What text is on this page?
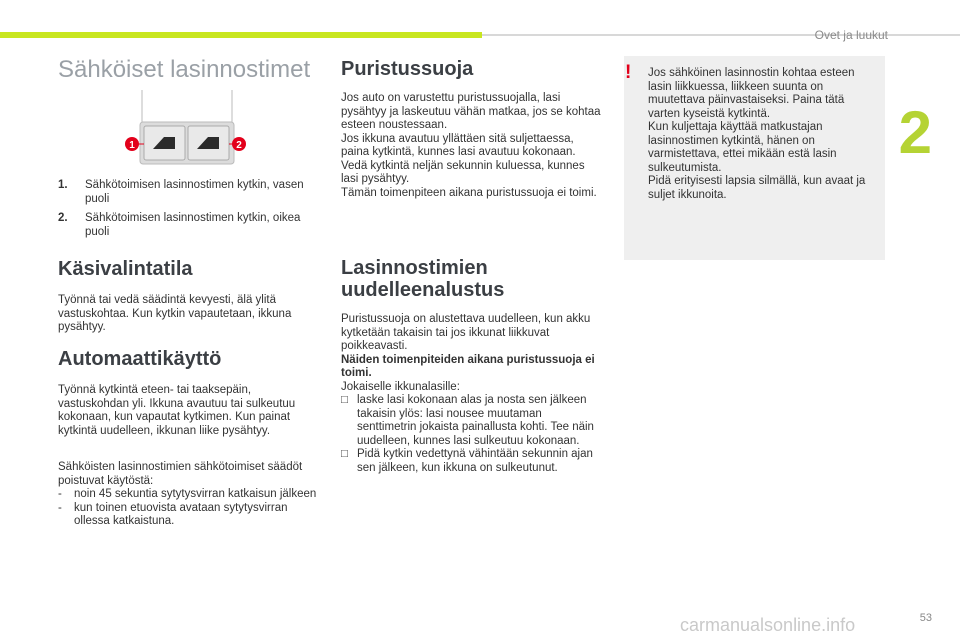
Ovet ja luukut
2
Sähköiset lasinnostimet
1	2
1.	Sähkötoimisen lasinnostimen kytkin, vasen puoli
2.	Sähkötoimisen lasinnostimen kytkin, oikea puoli
Käsivalintatila
Työnnä tai vedä säädintä kevyesti, älä ylitä vastuskohtaa. Kun kytkin vapautetaan, ikkuna pysähtyy.
Automaattikäyttö
Työnnä kytkintä eteen- tai taaksepäin, vastuskohdan yli. Ikkuna avautuu tai sulkeutuu kokonaan, kun vapautat kytkimen. Kun painat kytkintä uudelleen, ikkunan liike pysähtyy.
Sähköisten lasinnostimien sähkötoimiset säädöt poistuvat käytöstä:
-	noin 45 sekuntia sytytysvirran katkaisun jälkeen
-	kun toinen etuovista avataan sytytysvirran ollessa katkaistuna.
Puristussuoja
Jos auto on varustettu puristussuojalla, lasi pysähtyy ja laskeutuu vähän matkaa, jos se kohtaa esteen noustessaan.
Jos ikkuna avautuu yllättäen sitä suljettaessa, paina kytkintä, kunnes lasi avautuu kokonaan. Vedä kytkintä neljän sekunnin kuluessa, kunnes lasi pysähtyy.
Tämän toimenpiteen aikana puristussuoja ei toimi.
Lasinnostimien uudelleenalustus
Puristussuoja on alustettava uudelleen, kun akku kytketään takaisin tai jos ikkunat liikkuvat poikkeavasti.
Näiden toimenpiteiden aikana puristussuoja ei toimi.
Jokaiselle ikkunalasille:
□ laske lasi kokonaan alas ja nosta sen jälkeen takaisin ylös: lasi nousee muutaman senttimetrin jokaista painallusta kohti. Tee näin uudelleen, kunnes lasi sulkeutuu kokonaan.
□ Pidä kytkin vedettynä vähintään sekunnin ajan sen jälkeen, kun ikkuna on sulkeutunut.
! Jos sähköinen lasinnostin kohtaa esteen lasin liikkuessa, liikkeen suunta on muutettava päinvastaiseksi. Paina tätä varten kyseistä kytkintä.
Kun kuljettaja käyttää matkustajan lasinnostimen kytkintä, hänen on varmistettava, ettei mikään estä lasin sulkeutumista.
Pidä erityisesti lapsia silmällä, kun avaat ja suljet ikkunoita.
53
carmanualsonline.info
